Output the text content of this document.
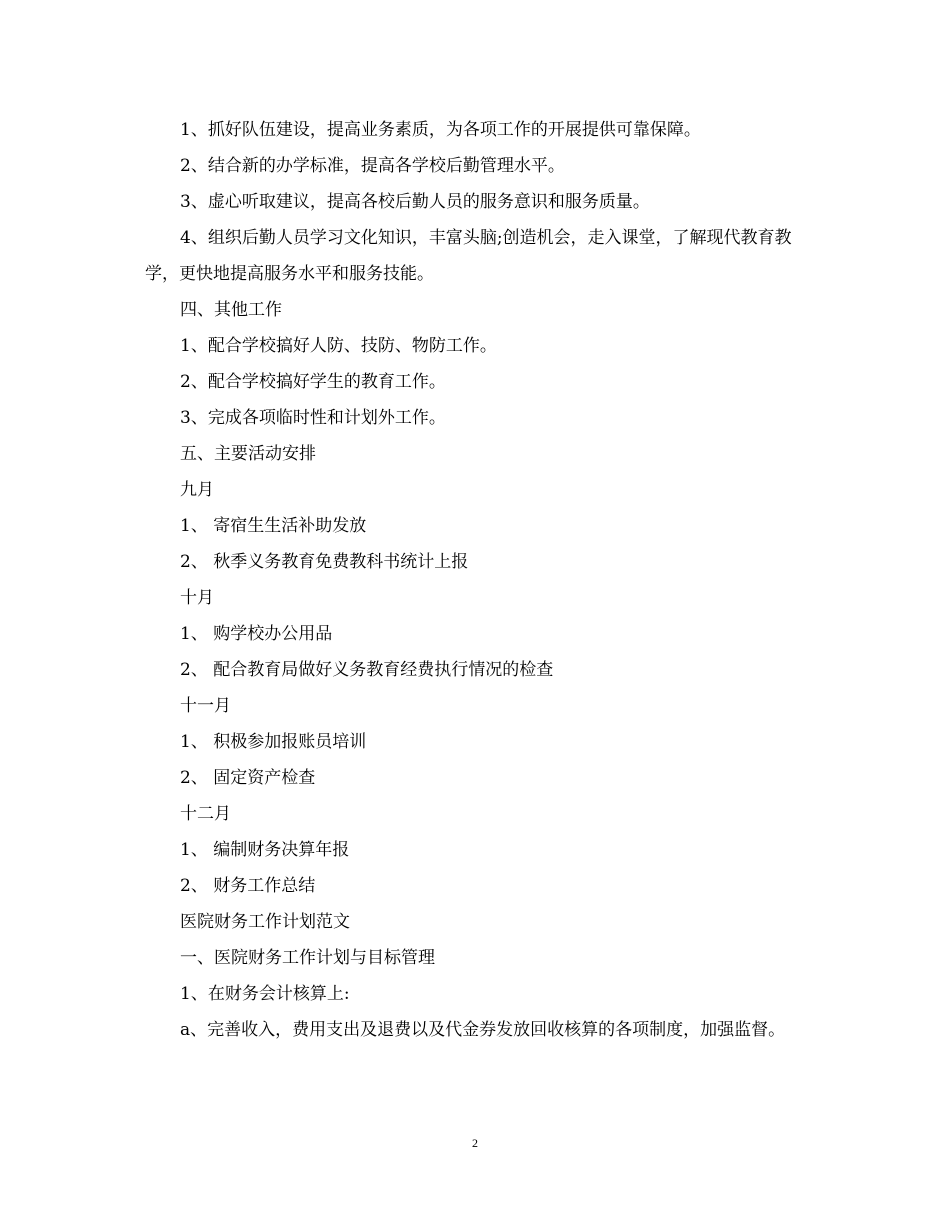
1、抓好队伍建设，提高业务素质，为各项工作的开展提供可靠保障。

2、结合新的办学标准，提高各学校后勤管理水平。

3、虚心听取建议，提高各校后勤人员的服务意识和服务质量。

4、组织后勤人员学习文化知识，丰富头脑;创造机会，走入课堂，了解现代教育教学，更快地提高服务水平和服务技能。

四、其他工作

1、配合学校搞好人防、技防、物防工作。

2、配合学校搞好学生的教育工作。

3、完成各项临时性和计划外工作。

五、主要活动安排

九月

1、 寄宿生生活补助发放

2、 秋季义务教育免费教科书统计上报

十月

1、 购学校办公用品

2、 配合教育局做好义务教育经费执行情况的检查

十一月

1、 积极参加报账员培训

2、 固定资产检查

十二月

1、 编制财务决算年报

2、 财务工作总结

医院财务工作计划范文

一、医院财务工作计划与目标管理

1、在财务会计核算上:

a、完善收入，费用支出及退费以及代金券发放回收核算的各项制度，加强监督。

2
